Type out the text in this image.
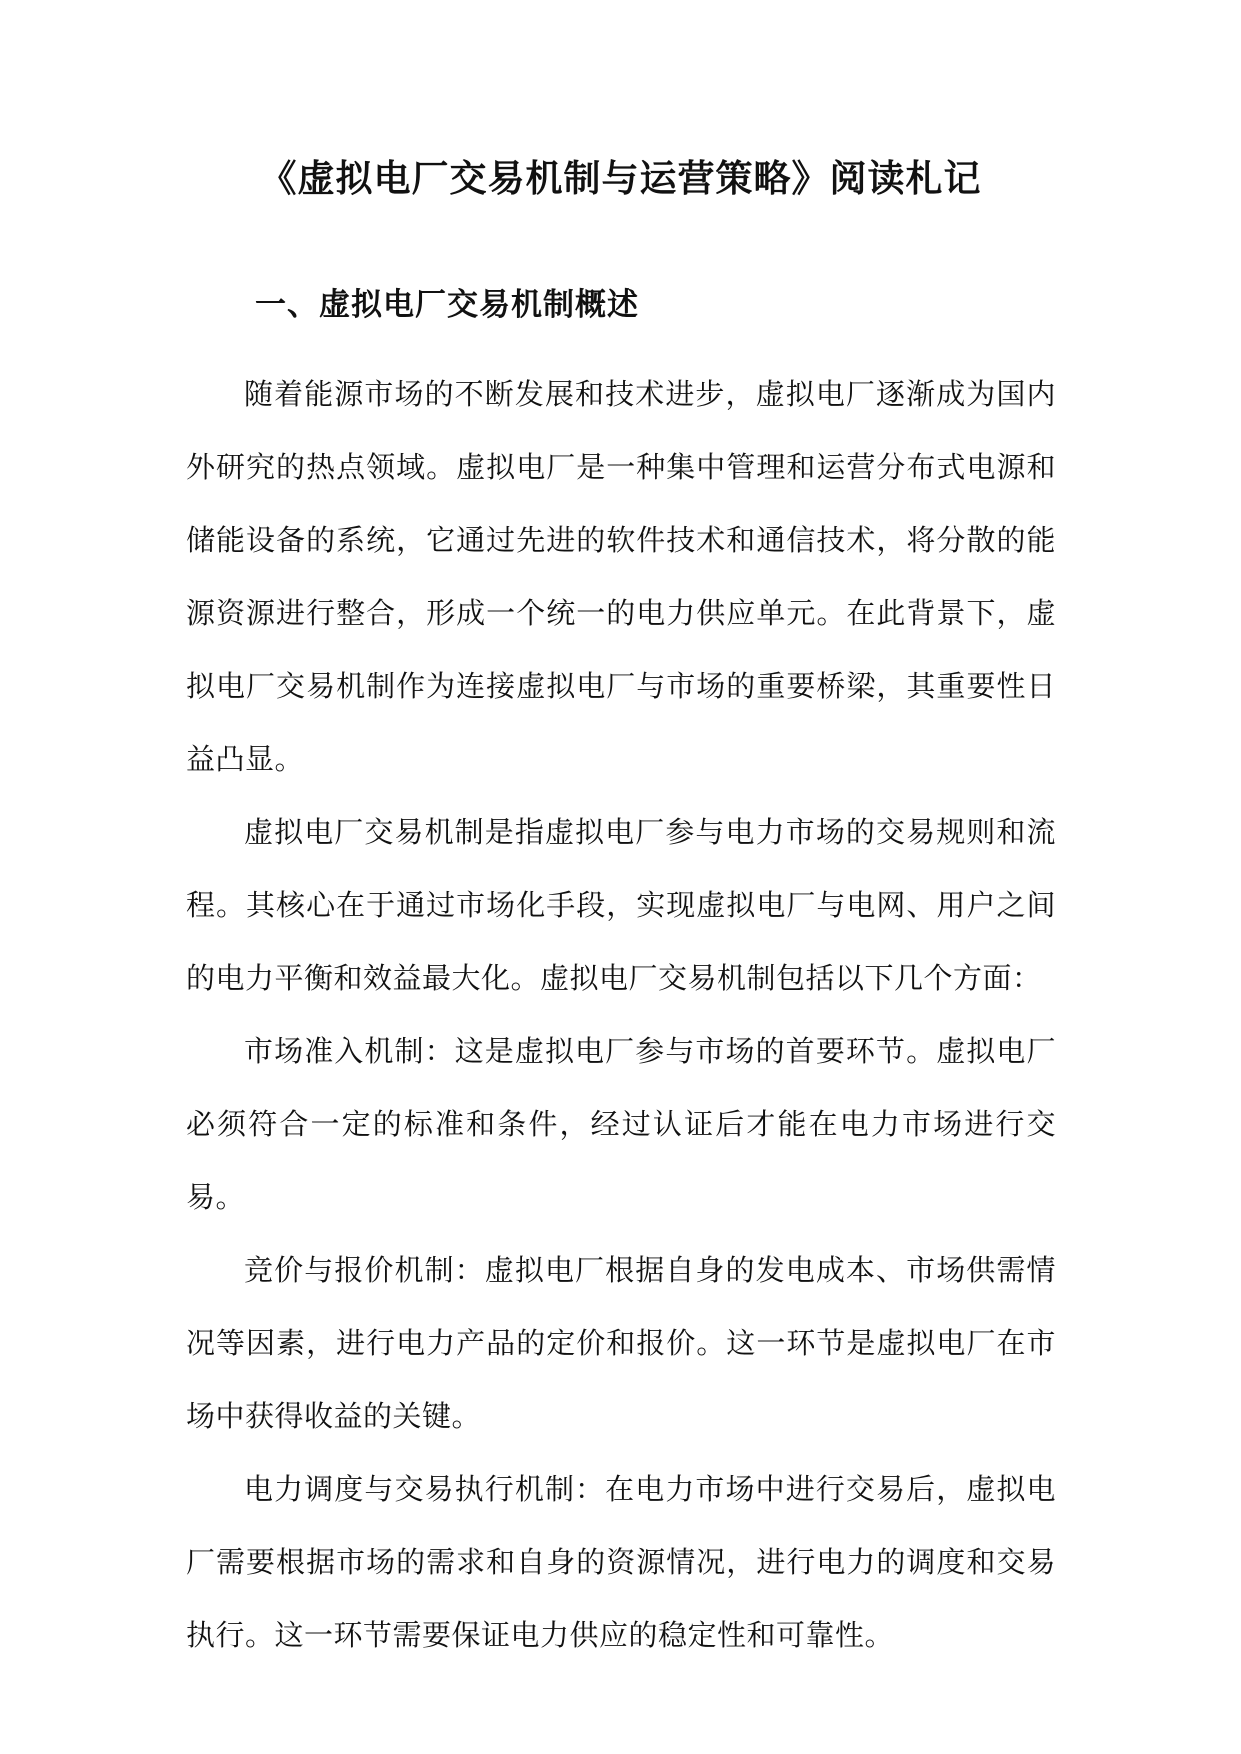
《虚拟电厂交易机制与运营策略》阅读札记
一、虚拟电厂交易机制概述

随着能源市场的不断发展和技术进步，虚拟电厂逐渐成为国内外研究的热点领域。虚拟电厂是一种集中管理和运营分布式电源和储能设备的系统，它通过先进的软件技术和通信技术，将分散的能源资源进行整合，形成一个统一的电力供应单元。在此背景下，虚拟电厂交易机制作为连接虚拟电厂与市场的重要桥梁，其重要性日益凸显。

虚拟电厂交易机制是指虚拟电厂参与电力市场的交易规则和流程。其核心在于通过市场化手段，实现虚拟电厂与电网、用户之间的电力平衡和效益最大化。虚拟电厂交易机制包括以下几个方面：

市场准入机制：这是虚拟电厂参与市场的首要环节。虚拟电厂必须符合一定的标准和条件，经过认证后才能在电力市场进行交易。

竞价与报价机制：虚拟电厂根据自身的发电成本、市场供需情况等因素，进行电力产品的定价和报价。这一环节是虚拟电厂在市场中获得收益的关键。

电力调度与交易执行机制：在电力市场中进行交易后，虚拟电厂需要根据市场的需求和自身的资源情况，进行电力的调度和交易执行。这一环节需要保证电力供应的稳定性和可靠性。
